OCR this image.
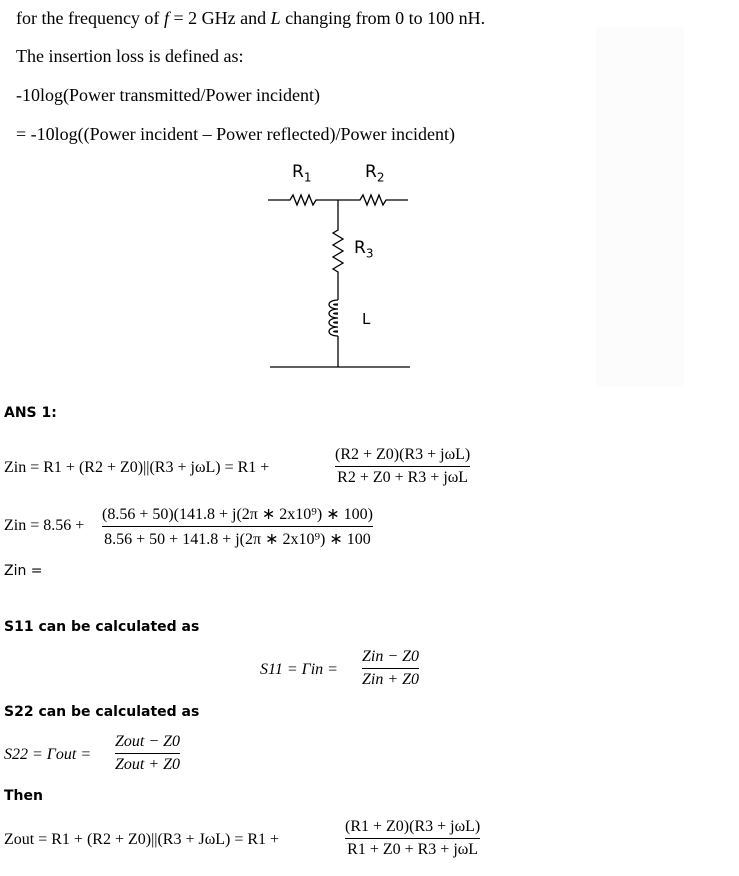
for the frequency of f = 2 GHz and L changing from 0 to 100 nH.
The insertion loss is defined as:
-10log(Power transmitted/Power incident)
= -10log((Power incident – Power reflected)/Power incident)
$R_1$	$R_2$
$R_3$
L
ANS 1:
Zin = R1 + (R2 + Z0)||(R3 + jωL) = R1 +
(R2 + Z0)(R3 + jωL)
R2 + Z0 + R3 + jωL
Zin = 8.56 +
(8.56 + 50)(141.8 + j(2π ∗ 2x10⁹) ∗ 100)
8.56 + 50 + 141.8 + j(2π ∗ 2x10⁹) ∗ 100
Zin =
S11 can be calculated as
S11 = Γin =
Zin − Z0
Zin + Z0
S22 can be calculated as
S22 = Γout =
Zout − Z0
Zout + Z0
Then
Zout = R1 + (R2 + Z0)||(R3 + JωL) = R1 +
(R1 + Z0)(R3 + jωL)
R1 + Z0 + R3 + jωL
